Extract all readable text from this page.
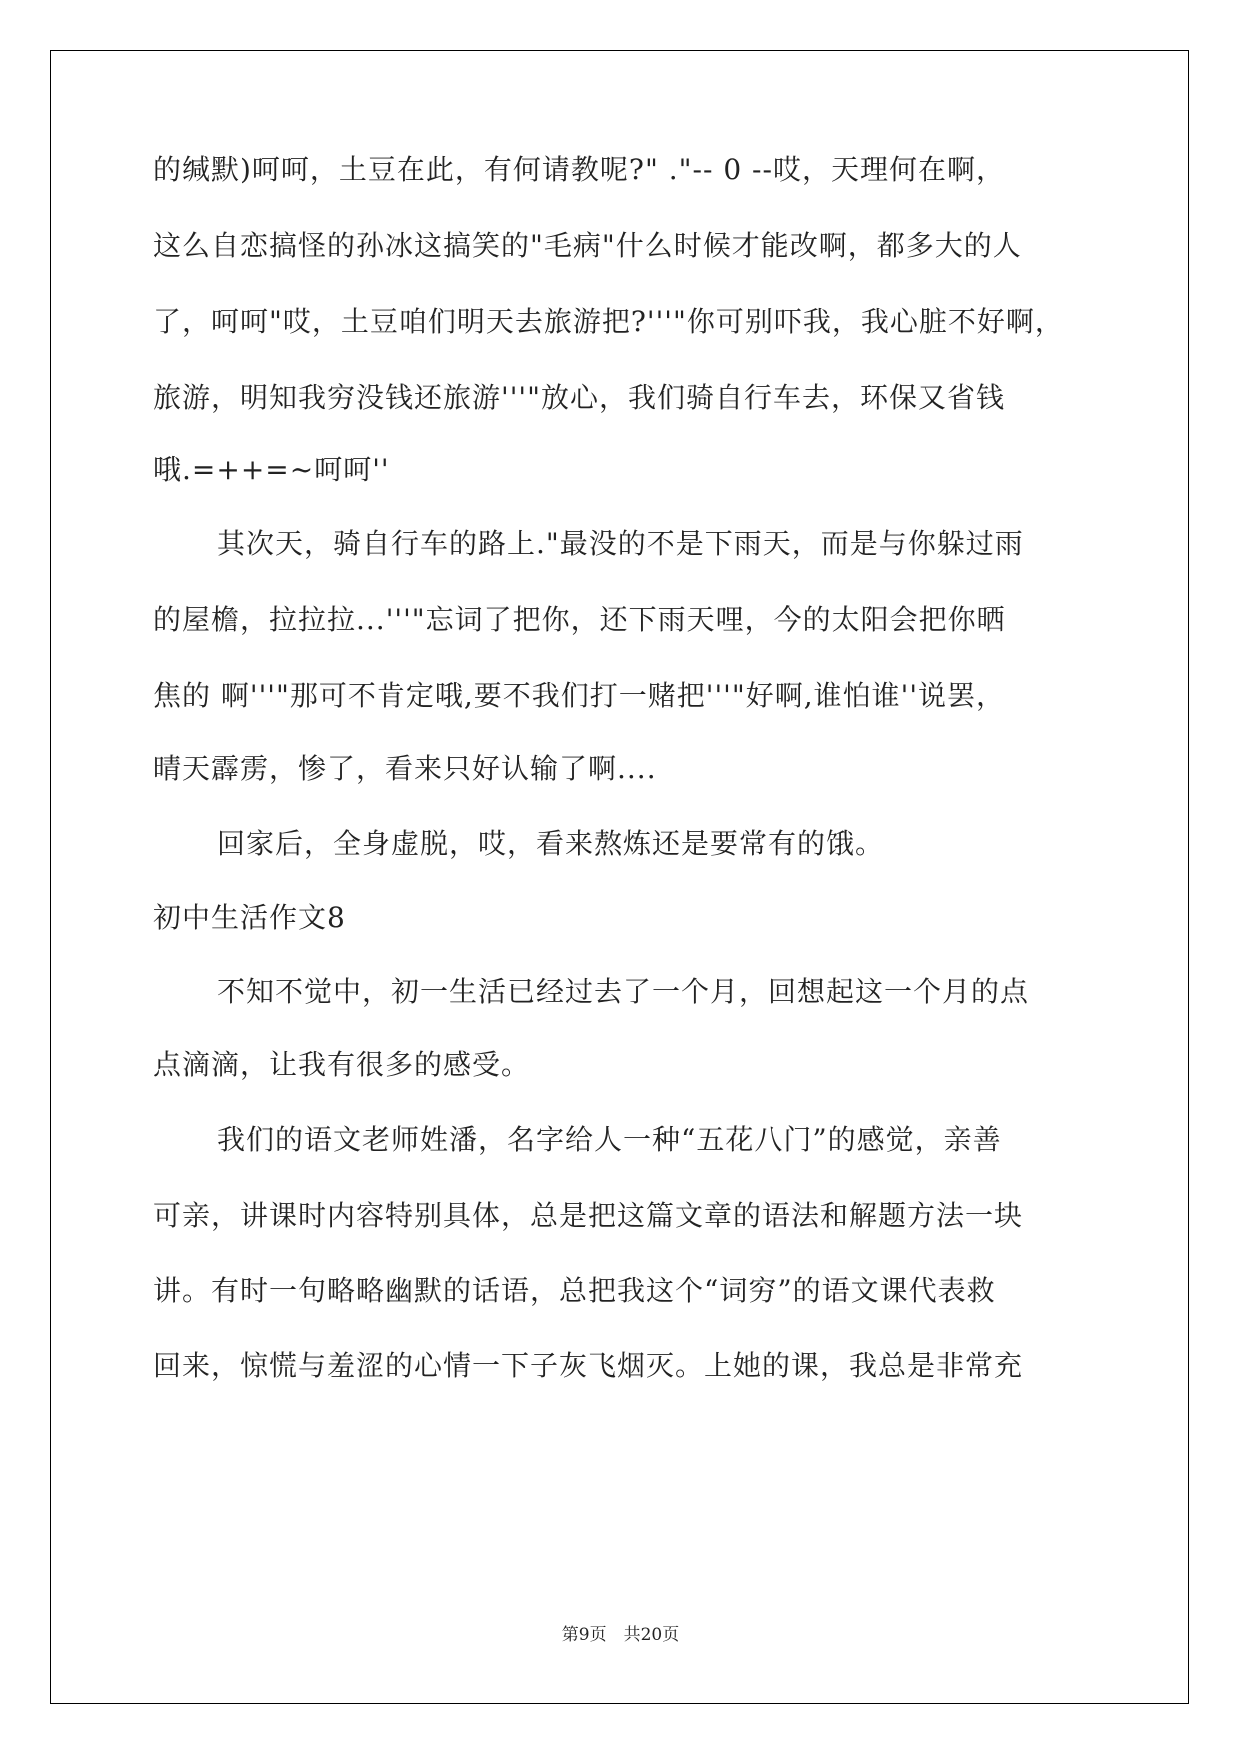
的缄默)呵呵，土豆在此，有何请教呢?" ."-- 0 --哎，天理何在啊，
这么自恋搞怪的孙冰这搞笑的"毛病"什么时候才能改啊，都多大的人
了，呵呵"哎，土豆咱们明天去旅游把?'''"你可别吓我，我心脏不好啊，
旅游，明知我穷没钱还旅游'''"放心，我们骑自行车去，环保又省钱
哦.=++=~呵呵''
其次天，骑自行车的路上."最没的不是下雨天，而是与你躲过雨
的屋檐，拉拉拉...'''"忘词了把你，还下雨天哩，今的太阳会把你晒
焦的 啊'''"那可不肯定哦,要不我们打一赌把'''"好啊,谁怕谁''说罢，
晴天霹雳，惨了，看来只好认输了啊....
回家后，全身虚脱，哎，看来熬炼还是要常有的饿。
初中生活作文8
不知不觉中，初一生活已经过去了一个月，回想起这一个月的点
点滴滴，让我有很多的感受。
我们的语文老师姓潘，名字给人一种“五花八门”的感觉，亲善
可亲，讲课时内容特别具体，总是把这篇文章的语法和解题方法一块
讲。有时一句略略幽默的话语，总把我这个“词穷”的语文课代表救
回来，惊慌与羞涩的心情一下子灰飞烟灭。上她的课，我总是非常充
第9页　共20页
